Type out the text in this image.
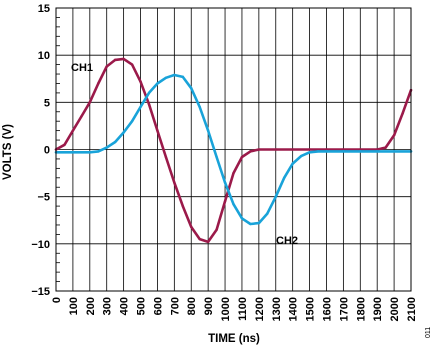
−15
−10
−5
0
5
10
15
0 100 200 300 400 500 600 700 800 900 1000 1100 1200 1300 1400 1500 1600 1700 1800 1900 2000 2100
VOLTS (V)
TIME (ns)
CH1
CH2
011
